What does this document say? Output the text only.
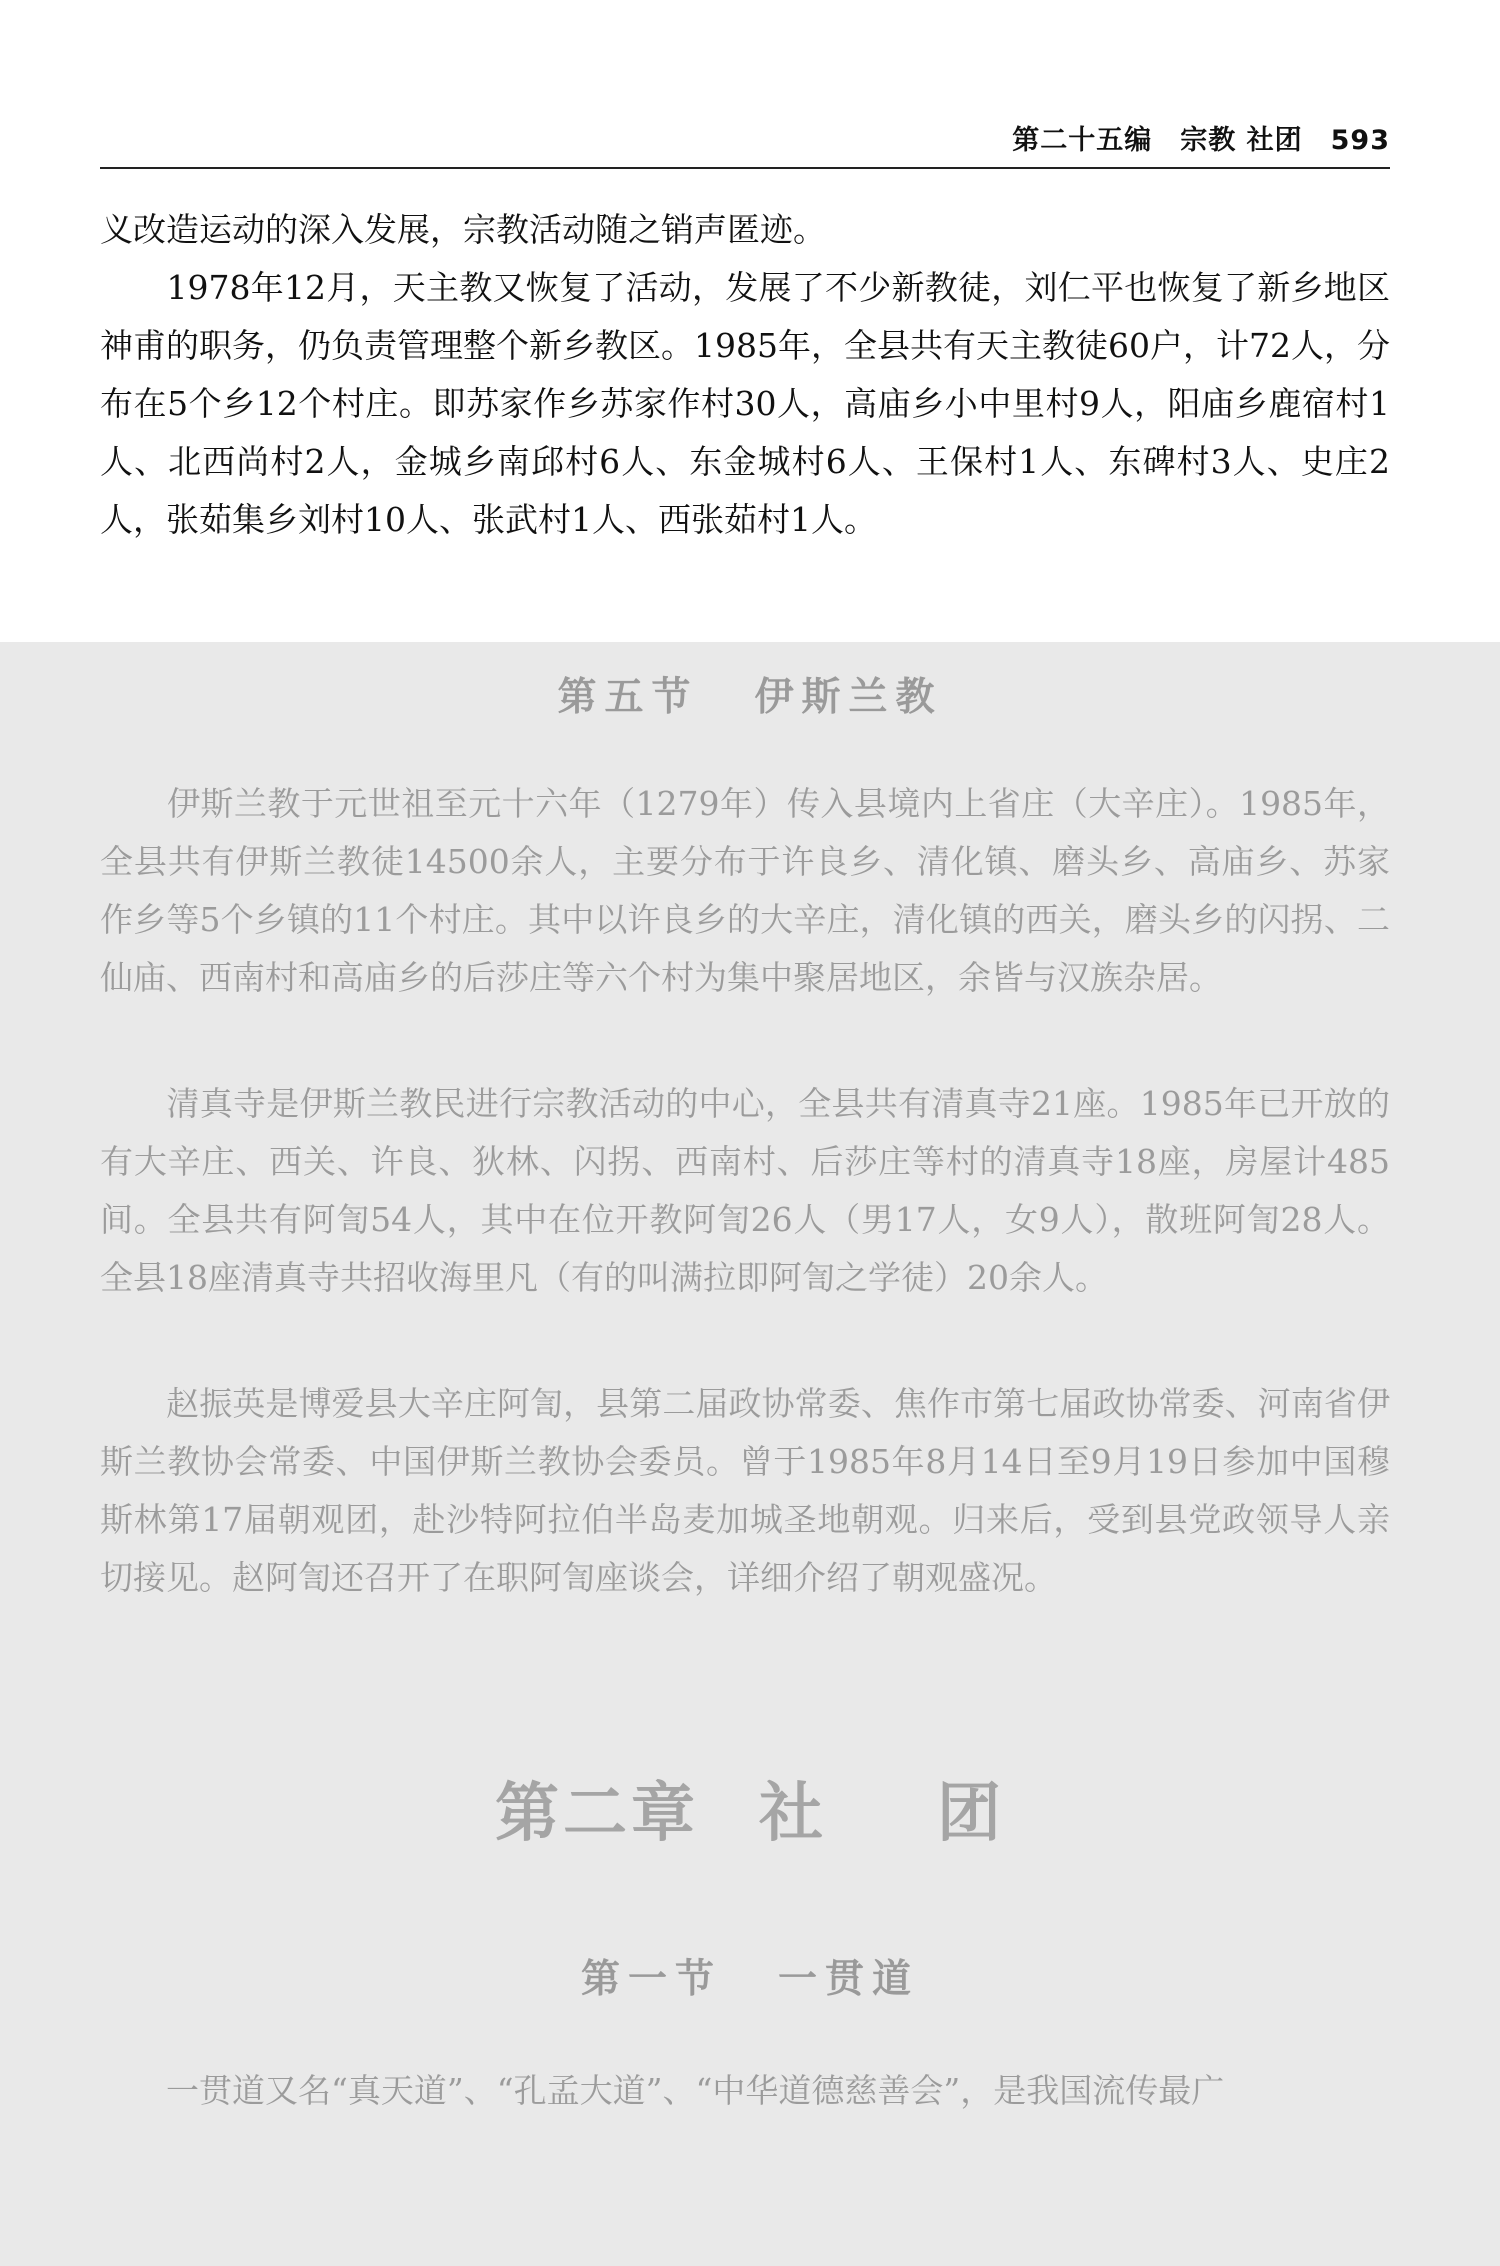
第二十五编　宗教 社团　593

义改造运动的深入发展，宗教活动随之销声匿迹。

　　1978年12月，天主教又恢复了活动，发展了不少新教徒，刘仁平也恢复了新乡地区神甫的职务，仍负责管理整个新乡教区。1985年，全县共有天主教徒60户，计72人，分布在5个乡12个村庄。即苏家作乡苏家作村30人，高庙乡小中里村9人，阳庙乡鹿宿村1人、北西尚村2人，金城乡南邱村6人、东金城村6人、王保村1人、东碑村3人、史庄2人，张茹集乡刘村10人、张武村1人、西张茹村1人。

第五节 伊斯兰教

　　伊斯兰教于元世祖至元十六年（1279年）传入县境内上省庄（大辛庄）。1985年，全县共有伊斯兰教徒14500余人，主要分布于许良乡、清化镇、磨头乡、高庙乡、苏家作乡等5个乡镇的11个村庄。其中以许良乡的大辛庄，清化镇的西关，磨头乡的闪拐、二仙庙、西南村和高庙乡的后莎庄等六个村为集中聚居地区，余皆与汉族杂居。

　　清真寺是伊斯兰教民进行宗教活动的中心，全县共有清真寺21座。1985年已开放的有大辛庄、西关、许良、狄林、闪拐、西南村、后莎庄等村的清真寺18座，房屋计485间。全县共有阿訇54人，其中在位开教阿訇26人（男17人，女9人），散班阿訇28人。全县18座清真寺共招收海里凡（有的叫满拉即阿訇之学徒）20余人。

　　赵振英是博爱县大辛庄阿訇，县第二届政协常委、焦作市第七届政协常委、河南省伊斯兰教协会常委、中国伊斯兰教协会委员。曾于1985年8月14日至9月19日参加中国穆斯林第17届朝观团，赴沙特阿拉伯半岛麦加城圣地朝观。归来后，受到县党政领导人亲切接见。赵阿訇还召开了在职阿訇座谈会，详细介绍了朝观盛况。

第二章 社 团
第一节 一贯道

　　一贯道又名“真天道”、“孔孟大道”、“中华道德慈善会”，是我国流传最广
